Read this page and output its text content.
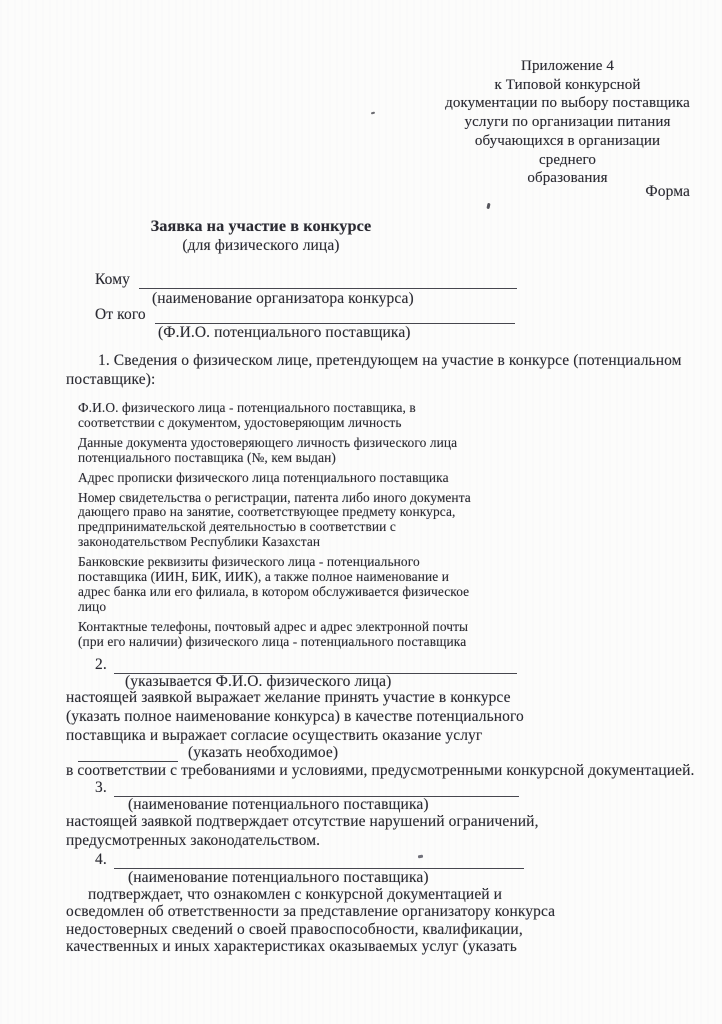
Приложение 4
к Типовой конкурсной
документации по выбору поставщика
услуги по организации питания
обучающихся в организации среднего
образования
Форма
Заявка на участие в конкурсе
(для физического лица)
Кому
(наименование организатора конкурса)
От кого
(Ф.И.О. потенциального поставщика)
1. Сведения о физическом лице, претендующем на участие в конкурсе (потенциальном
поставщике):
Ф.И.О. физического лица - потенциального поставщика, в
соответствии с документом, удостоверяющим личность
Данные документа удостоверяющего личность физического лица
потенциального поставщика (№, кем выдан)
Адрес прописки физического лица потенциального поставщика
Номер свидетельства о регистрации, патента либо иного документа
дающего право на занятие, соответствующее предмету конкурса,
предпринимательской деятельностью в соответствии с
законодательством Республики Казахстан
Банковские реквизиты физического лица - потенциального
поставщика (ИИН, БИК, ИИК), а также полное наименование и
адрес банка или его филиала, в котором обслуживается физическое
лицо
Контактные телефоны, почтовый адрес и адрес электронной почты
(при его наличии) физического лица - потенциального поставщика
2.
(указывается Ф.И.О. физического лица)
настоящей заявкой выражает желание принять участие в конкурсе
(указать полное наименование конкурса) в качестве потенциального
поставщика и выражает согласие осуществить оказание услуг
(указать необходимое)
в соответствии с требованиями и условиями, предусмотренными конкурсной документацией.
3.
(наименование потенциального поставщика)
настоящей заявкой подтверждает отсутствие нарушений ограничений,
предусмотренных законодательством.
4.
(наименование потенциального поставщика)
подтверждает, что ознакомлен с конкурсной документацией и
осведомлен об ответственности за представление организатору конкурса
недостоверных сведений о своей правоспособности, квалификации,
качественных и иных характеристиках оказываемых услуг (указать
